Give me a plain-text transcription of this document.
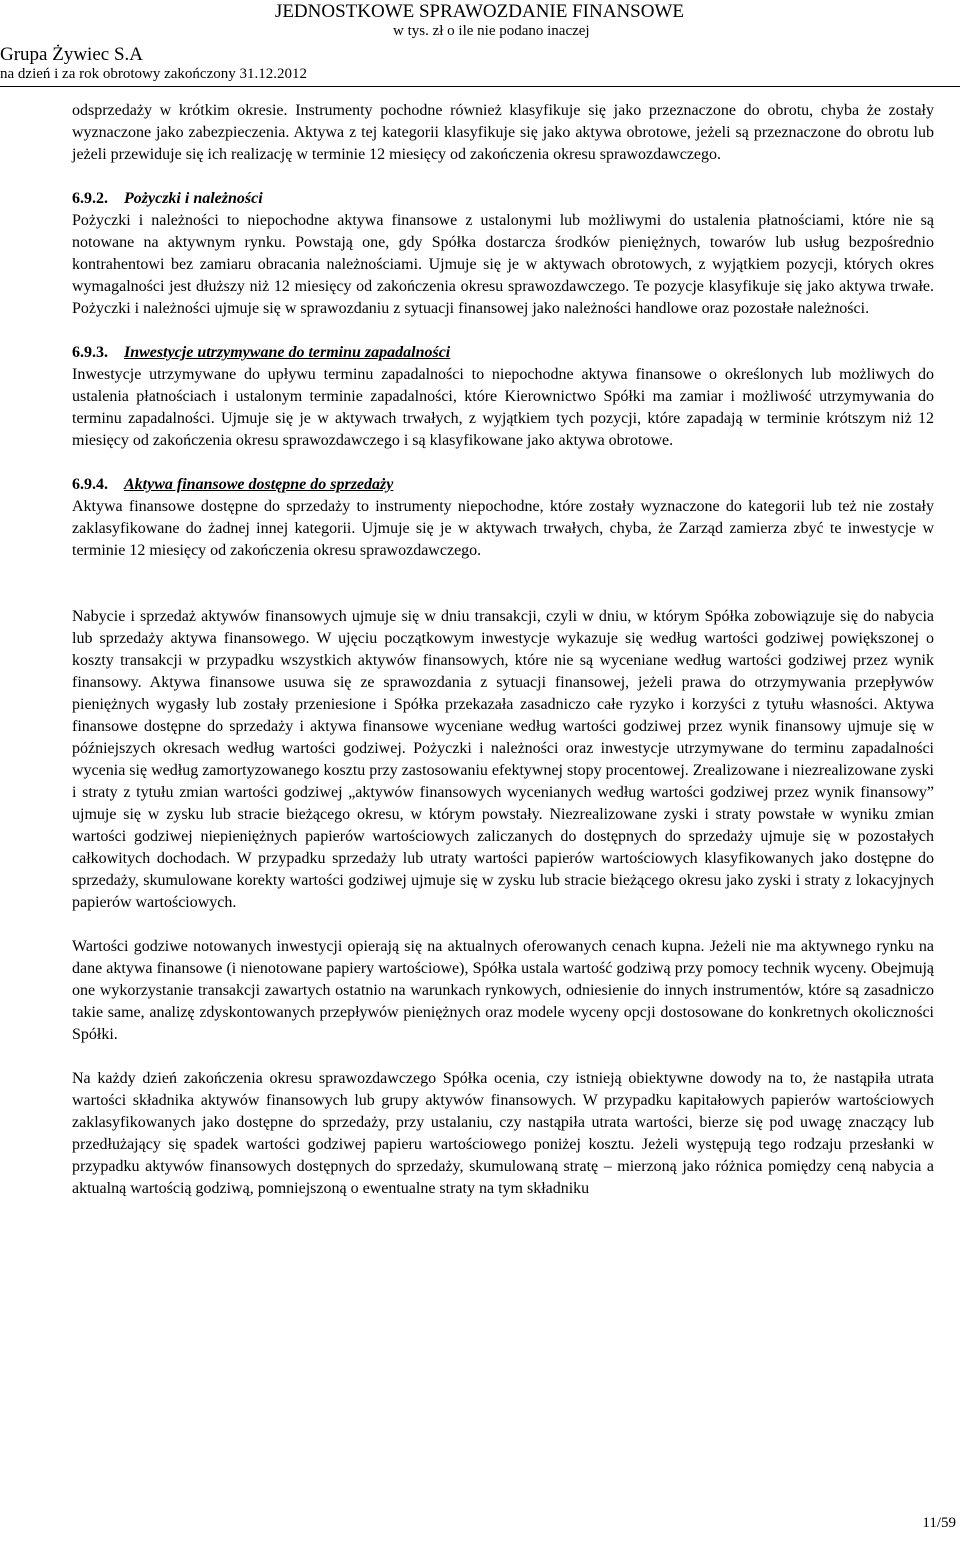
Grupa Żywiec S.A
na dzień i za rok obrotowy zakończony 31.12.2012
JEDNOSTKOWE SPRAWOZDANIE FINANSOWE
w tys. zł o ile nie podano inaczej

odsprzedaży w krótkim okresie. Instrumenty pochodne również klasyfikuje się jako przeznaczone do obrotu, chyba że zostały wyznaczone jako zabezpieczenia. Aktywa z tej kategorii klasyfikuje się jako aktywa obrotowe, jeżeli są przeznaczone do obrotu lub jeżeli przewiduje się ich realizację w terminie 12 miesięcy od zakończenia okresu sprawozdawczego.

6.9.2. Pożyczki i należności

Pożyczki i należności to niepochodne aktywa finansowe z ustalonymi lub możliwymi do ustalenia płatnościami, które nie są notowane na aktywnym rynku. Powstają one, gdy Spółka dostarcza środków pieniężnych, towarów lub usług bezpośrednio kontrahentowi bez zamiaru obracania należnościami. Ujmuje się je w aktywach obrotowych, z wyjątkiem pozycji, których okres wymagalności jest dłuższy niż 12 miesięcy od zakończenia okresu sprawozdawczego. Te pozycje klasyfikuje się jako aktywa trwałe. Pożyczki i należności ujmuje się w sprawozdaniu z sytuacji finansowej jako należności handlowe oraz pozostałe należności.

6.9.3. Inwestycje utrzymywane do terminu zapadalności

Inwestycje utrzymywane do upływu terminu zapadalności to niepochodne aktywa finansowe o określonych lub możliwych do ustalenia płatnościach i ustalonym terminie zapadalności, które Kierownictwo Spółki ma zamiar i możliwość utrzymywania do terminu zapadalności. Ujmuje się je w aktywach trwałych, z wyjątkiem tych pozycji, które zapadają w terminie krótszym niż 12 miesięcy od zakończenia okresu sprawozdawczego i są klasyfikowane jako aktywa obrotowe.

6.9.4. Aktywa finansowe dostępne do sprzedaży

Aktywa finansowe dostępne do sprzedaży to instrumenty niepochodne, które zostały wyznaczone do kategorii lub też nie zostały zaklasyfikowane do żadnej innej kategorii. Ujmuje się je w aktywach trwałych, chyba, że Zarząd zamierza zbyć te inwestycje w terminie 12 miesięcy od zakończenia okresu sprawozdawczego.

Nabycie i sprzedaż aktywów finansowych ujmuje się w dniu transakcji, czyli w dniu, w którym Spółka zobowiązuje się do nabycia lub sprzedaży aktywa finansowego. W ujęciu początkowym inwestycje wykazuje się według wartości godziwej powiększonej o koszty transakcji w przypadku wszystkich aktywów finansowych, które nie są wyceniane według wartości godziwej przez wynik finansowy. Aktywa finansowe usuwa się ze sprawozdania z sytuacji finansowej, jeżeli prawa do otrzymywania przepływów pieniężnych wygasły lub zostały przeniesione i Spółka przekazała zasadniczo całe ryzyko i korzyści z tytułu własności. Aktywa finansowe dostępne do sprzedaży i aktywa finansowe wyceniane według wartości godziwej przez wynik finansowy ujmuje się w późniejszych okresach według wartości godziwej. Pożyczki i należności oraz inwestycje utrzymywane do terminu zapadalności wycenia się według zamortyzowanego kosztu przy zastosowaniu efektywnej stopy procentowej. Zrealizowane i niezrealizowane zyski i straty z tytułu zmian wartości godziwej „aktywów finansowych wycenianych według wartości godziwej przez wynik finansowy” ujmuje się w zysku lub stracie bieżącego okresu, w którym powstały. Niezrealizowane zyski i straty powstałe w wyniku zmian wartości godziwej niepieniężnych papierów wartościowych zaliczanych do dostępnych do sprzedaży ujmuje się w pozostałych całkowitych dochodach. W przypadku sprzedaży lub utraty wartości papierów wartościowych klasyfikowanych jako dostępne do sprzedaży, skumulowane korekty wartości godziwej ujmuje się w zysku lub stracie bieżącego okresu jako zyski i straty z lokacyjnych papierów wartościowych.

Wartości godziwe notowanych inwestycji opierają się na aktualnych oferowanych cenach kupna. Jeżeli nie ma aktywnego rynku na dane aktywa finansowe (i nienotowane papiery wartościowe), Spółka ustala wartość godziwą przy pomocy technik wyceny. Obejmują one wykorzystanie transakcji zawartych ostatnio na warunkach rynkowych, odniesienie do innych instrumentów, które są zasadniczo takie same, analizę zdyskontowanych przepływów pieniężnych oraz modele wyceny opcji dostosowane do konkretnych okoliczności Spółki.

Na każdy dzień zakończenia okresu sprawozdawczego Spółka ocenia, czy istnieją obiektywne dowody na to, że nastąpiła utrata wartości składnika aktywów finansowych lub grupy aktywów finansowych. W przypadku kapitałowych papierów wartościowych zaklasyfikowanych jako dostępne do sprzedaży, przy ustalaniu, czy nastąpiła utrata wartości, bierze się pod uwagę znaczący lub przedłużający się spadek wartości godziwej papieru wartościowego poniżej kosztu. Jeżeli występują tego rodzaju przesłanki w przypadku aktywów finansowych dostępnych do sprzedaży, skumulowaną stratę – mierzoną jako różnica pomiędzy ceną nabycia a aktualną wartością godziwą, pomniejszoną o ewentualne straty na tym składniku

11/59
